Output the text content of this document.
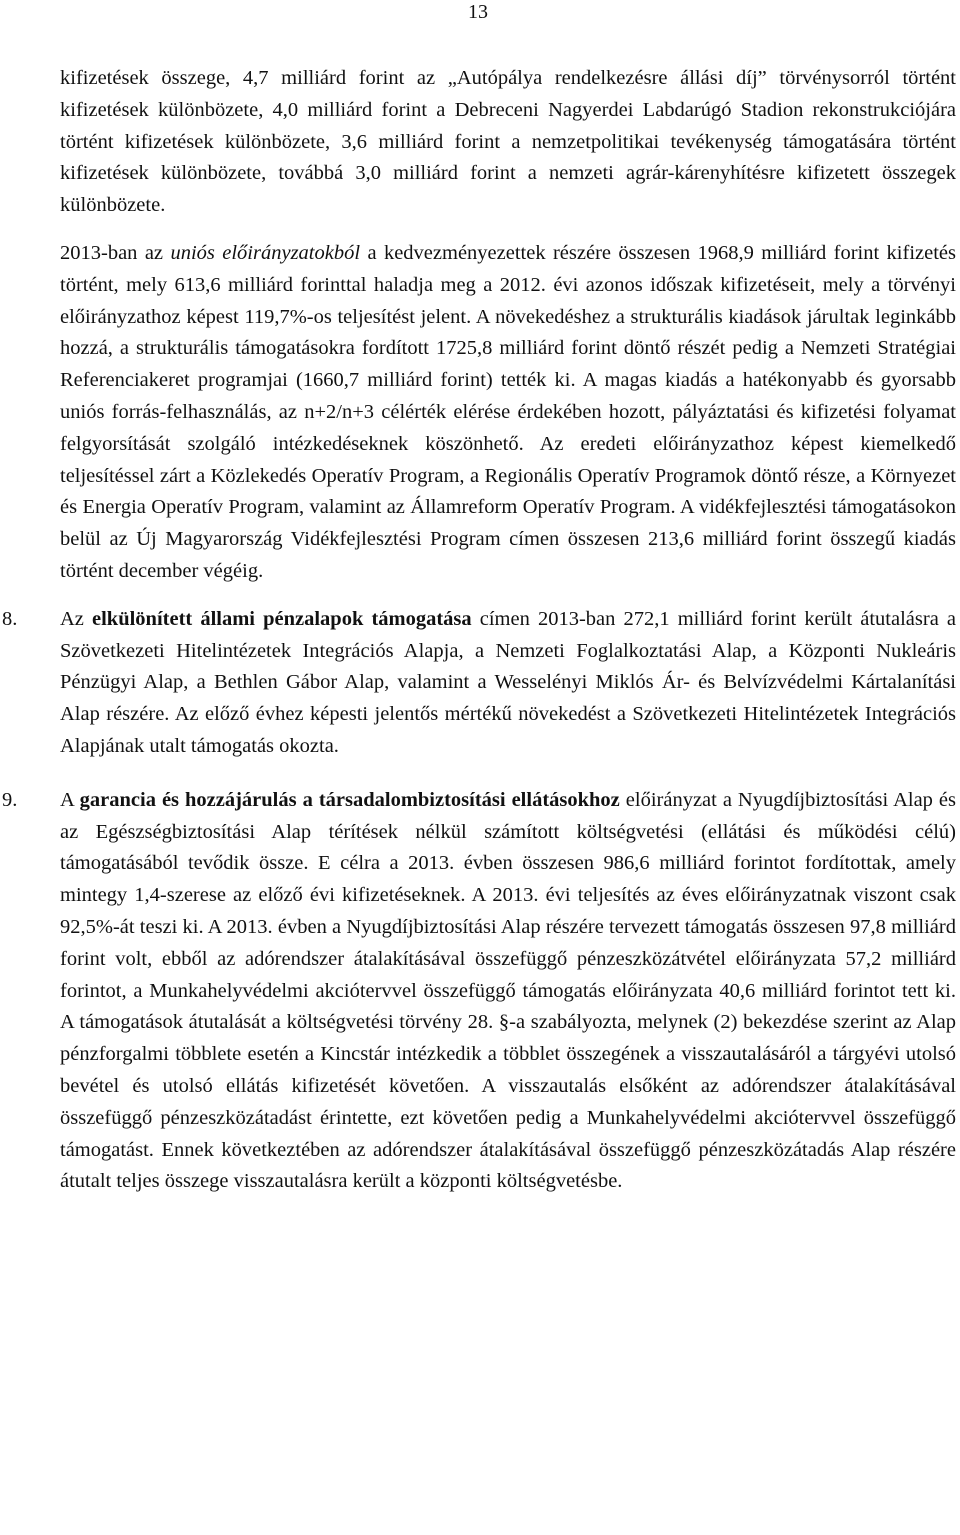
13

kifizetések összege, 4,7 milliárd forint az „Autópálya rendelkezésre állási díj” törvénysorról történt kifizetések különbözete, 4,0 milliárd forint a Debreceni Nagyerdei Labdarúgó Stadion rekonstrukciójára történt kifizetések különbözete, 3,6 milliárd forint a nemzetpolitikai tevékenység támogatására történt kifizetések különbözete, továbbá 3,0 milliárd forint a nemzeti agrár-kárenyhítésre kifizetett összegek különbözete.

2013-ban az uniós előirányzatokból a kedvezményezettek részére összesen 1968,9 milliárd forint kifizetés történt, mely 613,6 milliárd forinttal haladja meg a 2012. évi azonos időszak kifizetéseit, mely a törvényi előirányzathoz képest 119,7%-os teljesítést jelent. A növekedéshez a strukturális kiadások járultak leginkább hozzá, a strukturális támogatásokra fordított 1725,8 milliárd forint döntő részét pedig a Nemzeti Stratégiai Referenciakeret programjai (1660,7 milliárd forint) tették ki. A magas kiadás a hatékonyabb és gyorsabb uniós forrás-felhasználás, az n+2/n+3 célérték elérése érdekében hozott, pályáztatási és kifizetési folyamat felgyorsítását szolgáló intézkedéseknek köszönhető. Az eredeti előirányzathoz képest kiemelkedő teljesítéssel zárt a Közlekedés Operatív Program, a Regionális Operatív Programok döntő része, a Környezet és Energia Operatív Program, valamint az Államreform Operatív Program. A vidékfejlesztési támogatásokon belül az Új Magyarország Vidékfejlesztési Program címen összesen 213,6 milliárd forint összegű kiadás történt december végéig.

8.	Az elkülönített állami pénzalapok támogatása címen 2013-ban 272,1 milliárd forint került átutalásra a Szövetkezeti Hitelintézetek Integrációs Alapja, a Nemzeti Foglalkoztatási Alap, a Központi Nukleáris Pénzügyi Alap, a Bethlen Gábor Alap, valamint a Wesselényi Miklós Ár- és Belvízvédelmi Kártalanítási Alap részére. Az előző évhez képesti jelentős mértékű növekedést a Szövetkezeti Hitelintézetek Integrációs Alapjának utalt támogatás okozta.
9.	A garancia és hozzájárulás a társadalombiztosítási ellátásokhoz előirányzat a Nyugdíjbiztosítási Alap és az Egészségbiztosítási Alap térítések nélkül számított költségvetési (ellátási és működési célú) támogatásából tevődik össze. E célra a 2013. évben összesen 986,6 milliárd forintot fordítottak, amely mintegy 1,4-szerese az előző évi kifizetéseknek. A 2013. évi teljesítés az éves előirányzatnak viszont csak 92,5%-át teszi ki. A 2013. évben a Nyugdíjbiztosítási Alap részére tervezett támogatás összesen 97,8 milliárd forint volt, ebből az adórendszer átalakításával összefüggő pénzeszközátvétel előirányzata 57,2 milliárd forintot, a Munkahelyvédelmi akciótervvel összefüggő támogatás előirányzata 40,6 milliárd forintot tett ki. A támogatások átutalását a költségvetési törvény 28. §-a szabályozta, melynek (2) bekezdése szerint az Alap pénzforgalmi többlete esetén a Kincstár intézkedik a többlet összegének a visszautalásáról a tárgyévi utolsó bevétel és utolsó ellátás kifizetését követően. A visszautalás elsőként az adórendszer átalakításával összefüggő pénzeszközátadást érintette, ezt követően pedig a Munkahelyvédelmi akciótervvel összefüggő támogatást. Ennek következtében az adórendszer átalakításával összefüggő pénzeszközátadás Alap részére átutalt teljes összege visszautalásra került a központi költségvetésbe.
